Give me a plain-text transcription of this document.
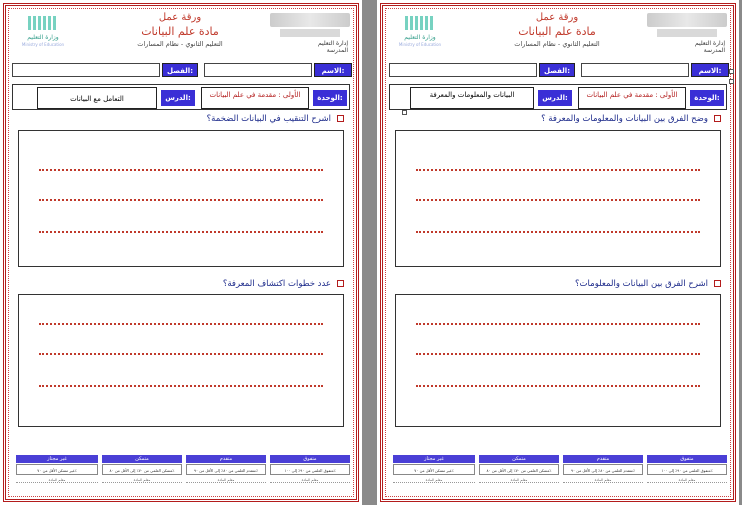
إدارة التعليم
المدرسة
ورقة عمل
مادة علم البيانات
التعليم الثانوي - نظام المسارات
وزارة التعليم
Ministry of Education
الاسم:
الفصل:
الوحدة:
الأولى : مقدمة في علم البيانات
الدرس:
التعامل مع البيانات
اشرح التنقيب في البيانات الضخمة؟
عدد خطوات اكتشاف المعرفة؟
متفوق
متقدم
متمكن
غير مجتاز
متفوق العلمي من ٩٠٪ إلى ١٠٠٪
متقدم العلمي من ٨٠٪ إلى الأقل من ٩٠٪
متمكن العلمي من ٧٠٪ إلى الأقل من ٨٠٪
غير متمكن الأقل من ٧٠٪
معلم المادة
معلم المادة
معلم المادة
معلم المادة
إدارة التعليم
المدرسة
ورقة عمل
مادة علم البيانات
التعليم الثانوي - نظام المسارات
وزارة التعليم
Ministry of Education
الاسم:
الفصل:
الوحدة:
الأولى : مقدمة في علم البيانات
الدرس:
البيانات والمعلومات والمعرفة
وضح الفرق بين البيانات والمعلومات والمعرفة ؟
اشرح الفرق بين البيانات والمعلومات؟
متفوق
متقدم
متمكن
غير مجتاز
متفوق العلمي من ٩٠٪ إلى ١٠٠٪
متقدم العلمي من ٨٠٪ إلى الأقل من ٩٠٪
متمكن العلمي من ٧٠٪ إلى الأقل من ٨٠٪
غير متمكن الأقل من ٧٠٪
معلم المادة
معلم المادة
معلم المادة
معلم المادة
